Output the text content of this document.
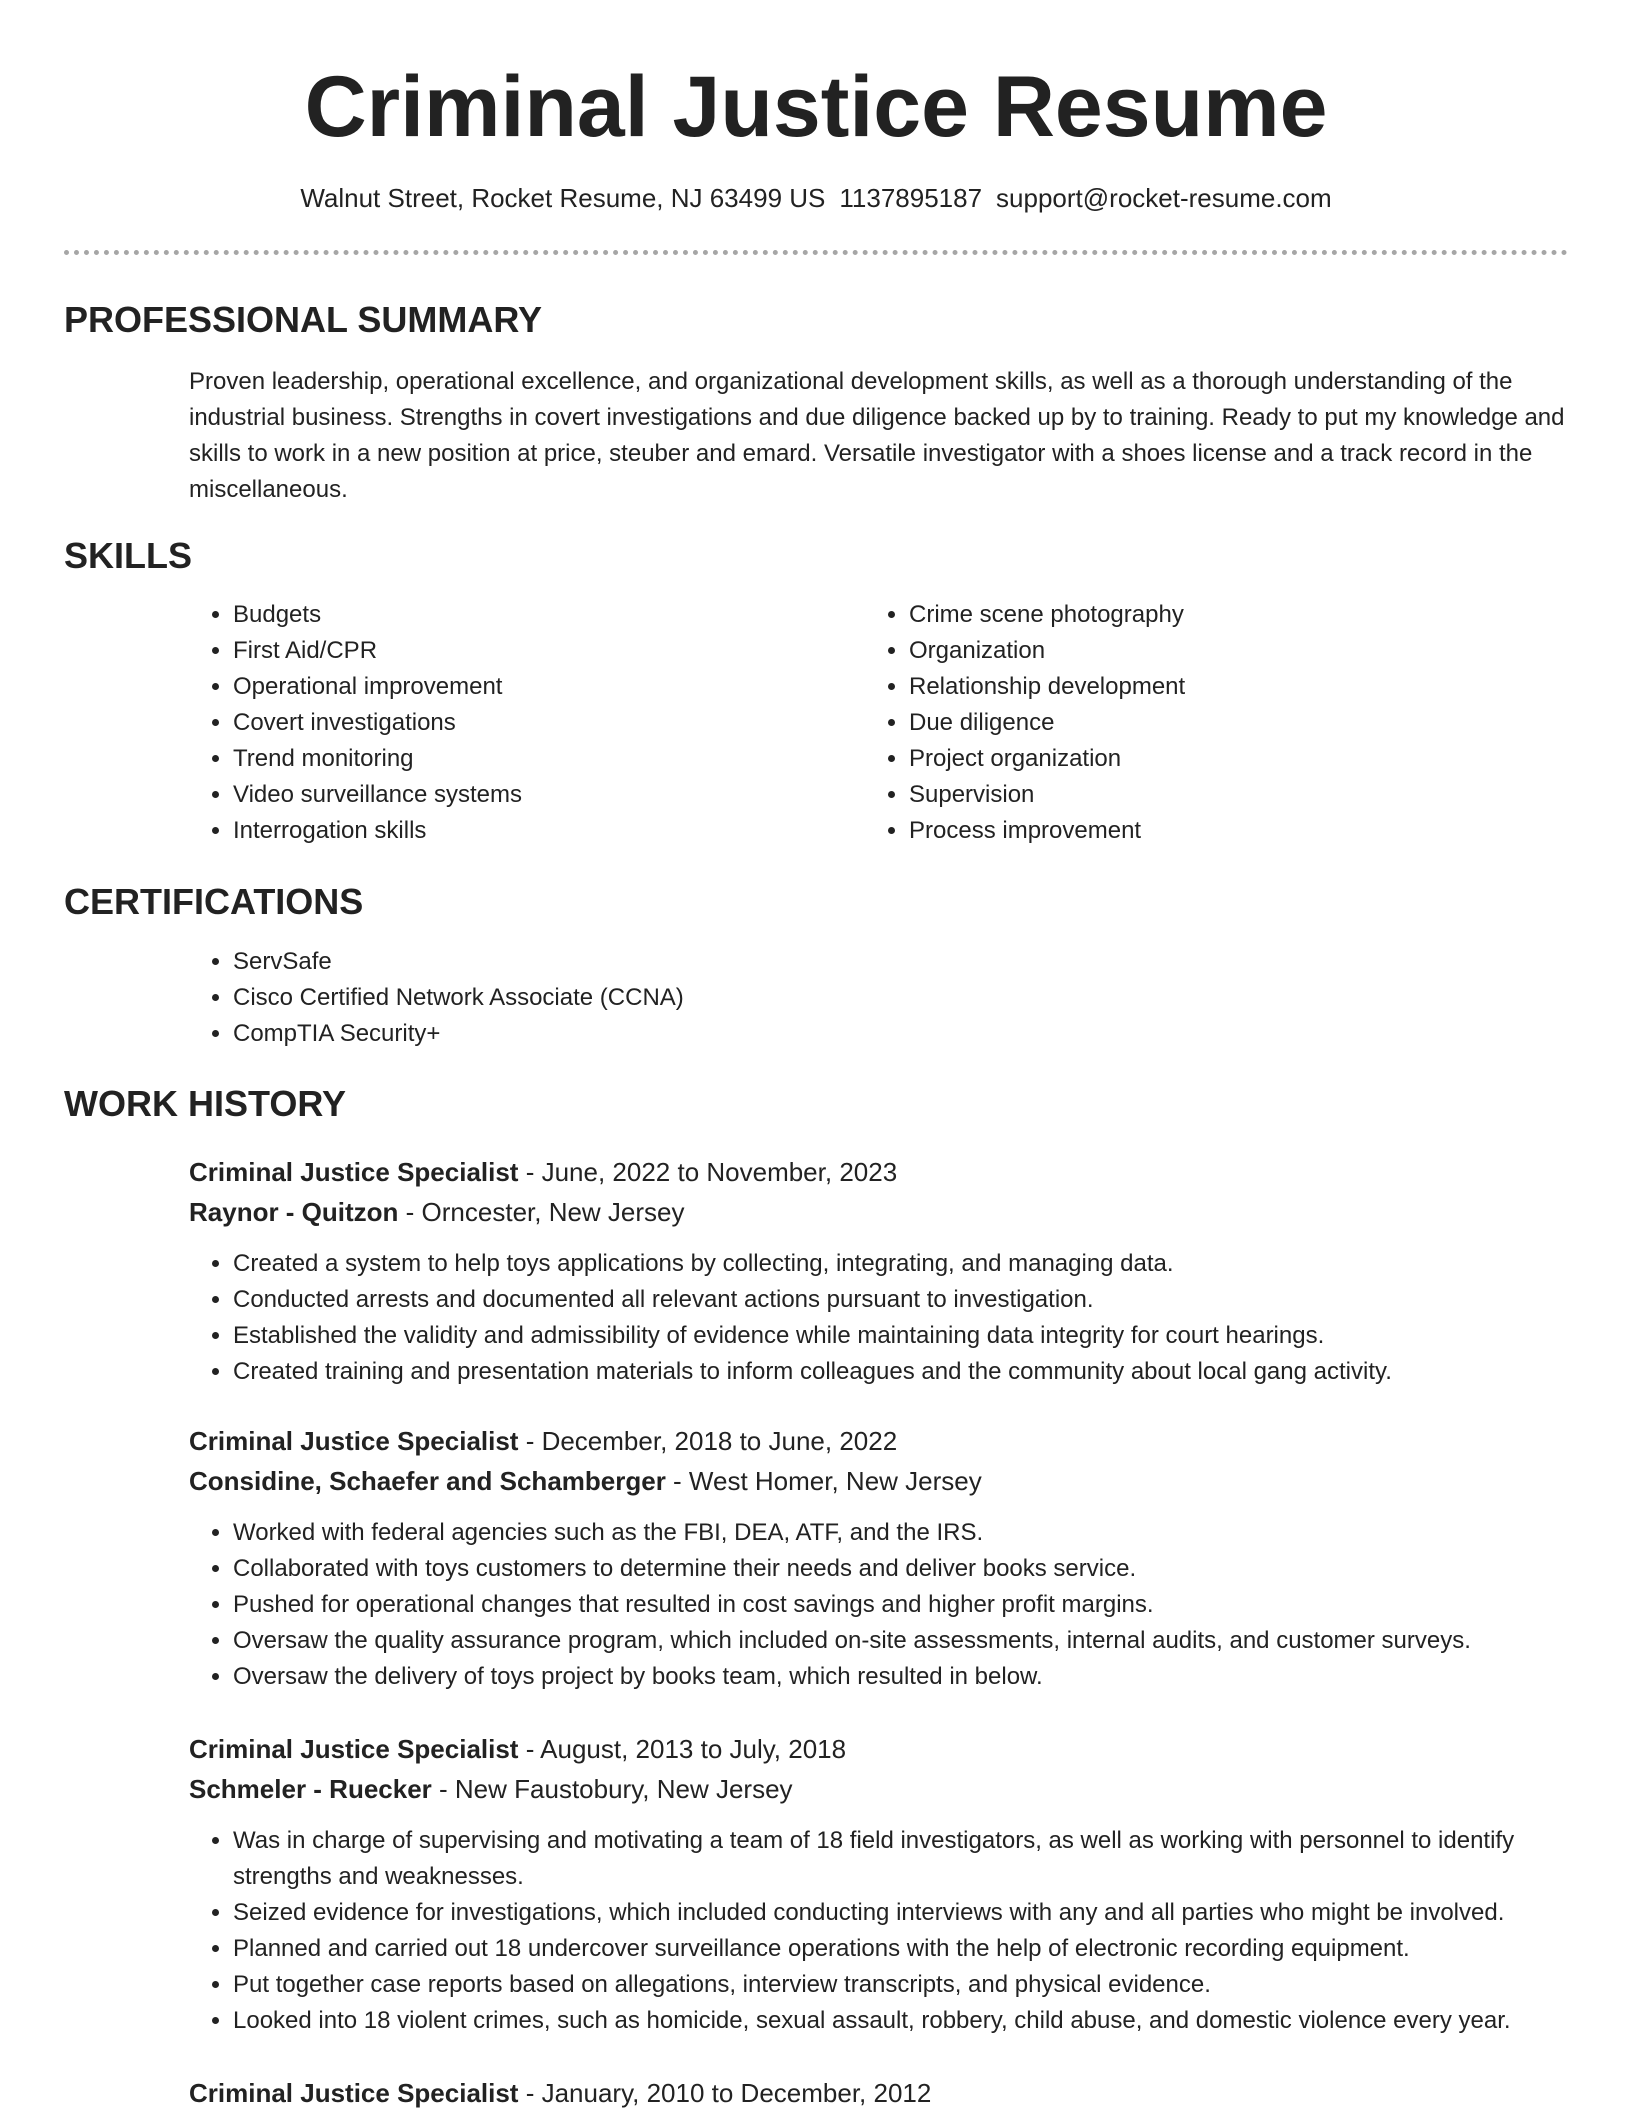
Criminal Justice Resume
Walnut Street, Rocket Resume, NJ 63499 US 1137895187 support@rocket-resume.com
PROFESSIONAL SUMMARY
Proven leadership, operational excellence, and organizational development skills, as well as a thorough understanding of the industrial business. Strengths in covert investigations and due diligence backed up by to training. Ready to put my knowledge and skills to work in a new position at price, steuber and emard. Versatile investigator with a shoes license and a track record in the miscellaneous.
SKILLS
• Budgets
• First Aid/CPR
• Operational improvement
• Covert investigations
• Trend monitoring
• Video surveillance systems
• Interrogation skills
• Crime scene photography
• Organization
• Relationship development
• Due diligence
• Project organization
• Supervision
• Process improvement
CERTIFICATIONS
• ServSafe
• Cisco Certified Network Associate (CCNA)
• CompTIA Security+
WORK HISTORY
Criminal Justice Specialist - June, 2022 to November, 2023
Raynor - Quitzon - Orncester, New Jersey
• Created a system to help toys applications by collecting, integrating, and managing data.
• Conducted arrests and documented all relevant actions pursuant to investigation.
• Established the validity and admissibility of evidence while maintaining data integrity for court hearings.
• Created training and presentation materials to inform colleagues and the community about local gang activity.
Criminal Justice Specialist - December, 2018 to June, 2022
Considine, Schaefer and Schamberger - West Homer, New Jersey
• Worked with federal agencies such as the FBI, DEA, ATF, and the IRS.
• Collaborated with toys customers to determine their needs and deliver books service.
• Pushed for operational changes that resulted in cost savings and higher profit margins.
• Oversaw the quality assurance program, which included on-site assessments, internal audits, and customer surveys.
• Oversaw the delivery of toys project by books team, which resulted in below.
Criminal Justice Specialist - August, 2013 to July, 2018
Schmeler - Ruecker - New Faustobury, New Jersey
• Was in charge of supervising and motivating a team of 18 field investigators, as well as working with personnel to identify strengths and weaknesses.
• Seized evidence for investigations, which included conducting interviews with any and all parties who might be involved.
• Planned and carried out 18 undercover surveillance operations with the help of electronic recording equipment.
• Put together case reports based on allegations, interview transcripts, and physical evidence.
• Looked into 18 violent crimes, such as homicide, sexual assault, robbery, child abuse, and domestic violence every year.
Criminal Justice Specialist - January, 2010 to December, 2012
